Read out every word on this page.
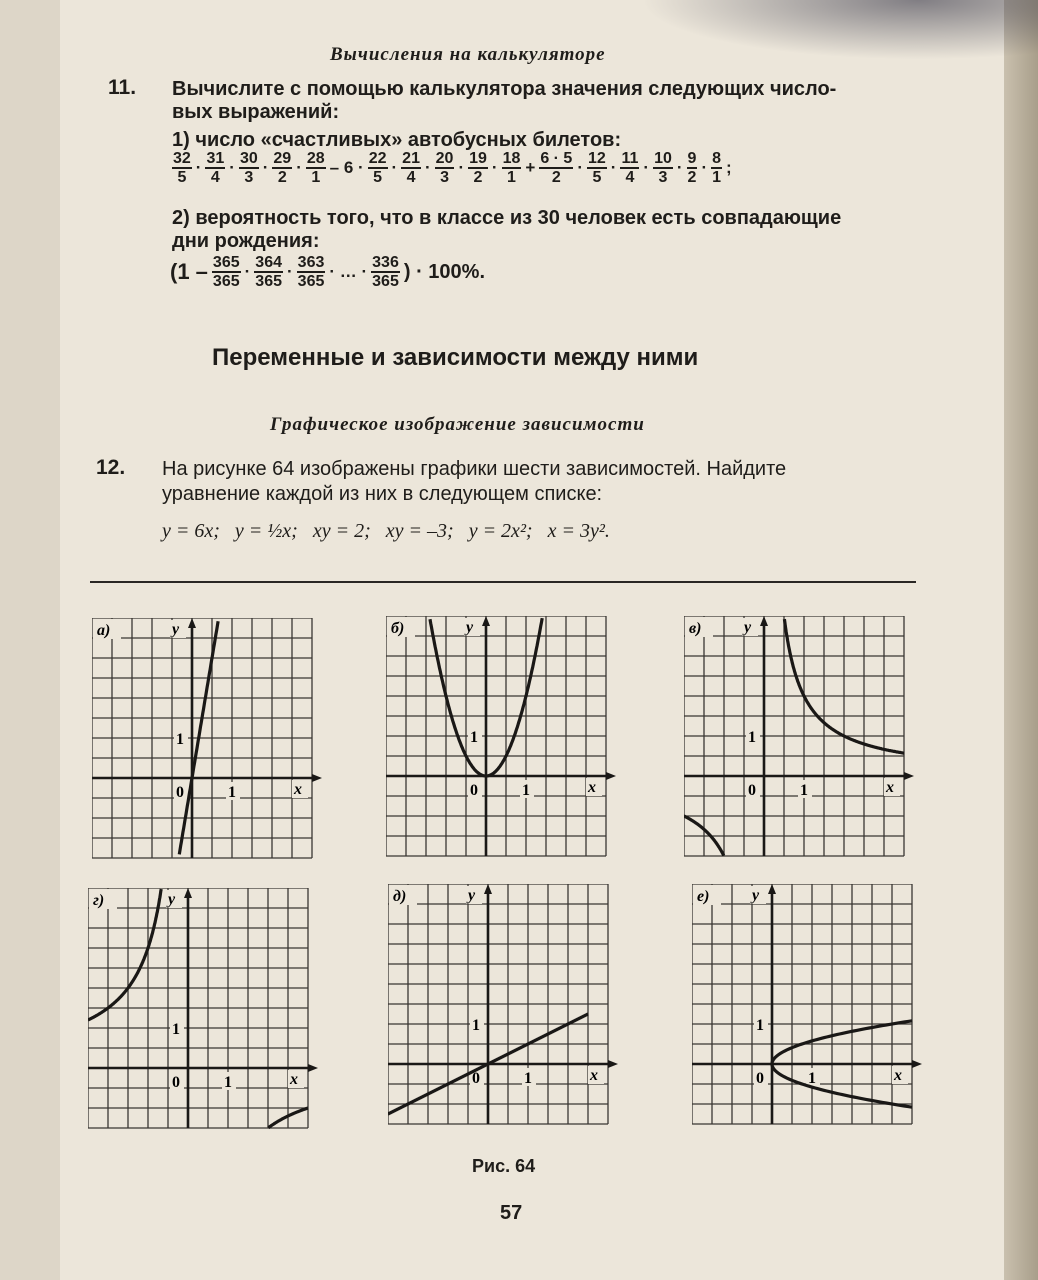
Вычисления на калькуляторе
11. Вычислите с помощью калькулятора значения следующих число-
вых выражений:
1) число «счастливых» автобусных билетов:
$\frac{32}{5} \cdot \frac{31}{4} \cdot \frac{30}{3} \cdot \frac{29}{2} \cdot \frac{28}{1} - 6 \cdot \frac{22}{5} \cdot \frac{21}{4} \cdot \frac{20}{3} \cdot \frac{19}{2} \cdot \frac{18}{1} + \frac{6 \cdot 5}{2} \cdot \frac{12}{5} \cdot \frac{11}{4} \cdot \frac{10}{3} \cdot \frac{9}{2} \cdot \frac{8}{1}$ ;
2) вероятность того, что в классе из 30 человек есть совпадающие
дни рождения:
($1 - \frac{365}{365} \cdot \frac{364}{365} \cdot \frac{363}{365}$ · … · $\frac{336}{365}$ ) · 100%.
Переменные и зависимости между ними
Графическое изображение зависимости
12. На рисунке 64 изображены графики шести зависимостей. Найдите
уравнение каждой из них в следующем списке:
y = 6x; y = ½x; xy = 2; xy = –3; y = 2x²; x = 3y².
а)	y
x
0	1
1
б)	y
x
0	1
1
в)	y
x
0	1
1
г)	y
x
0	1
1
д)	y
x
0	1
1
е)	y
x
0	1
1
Рис. 64
57
